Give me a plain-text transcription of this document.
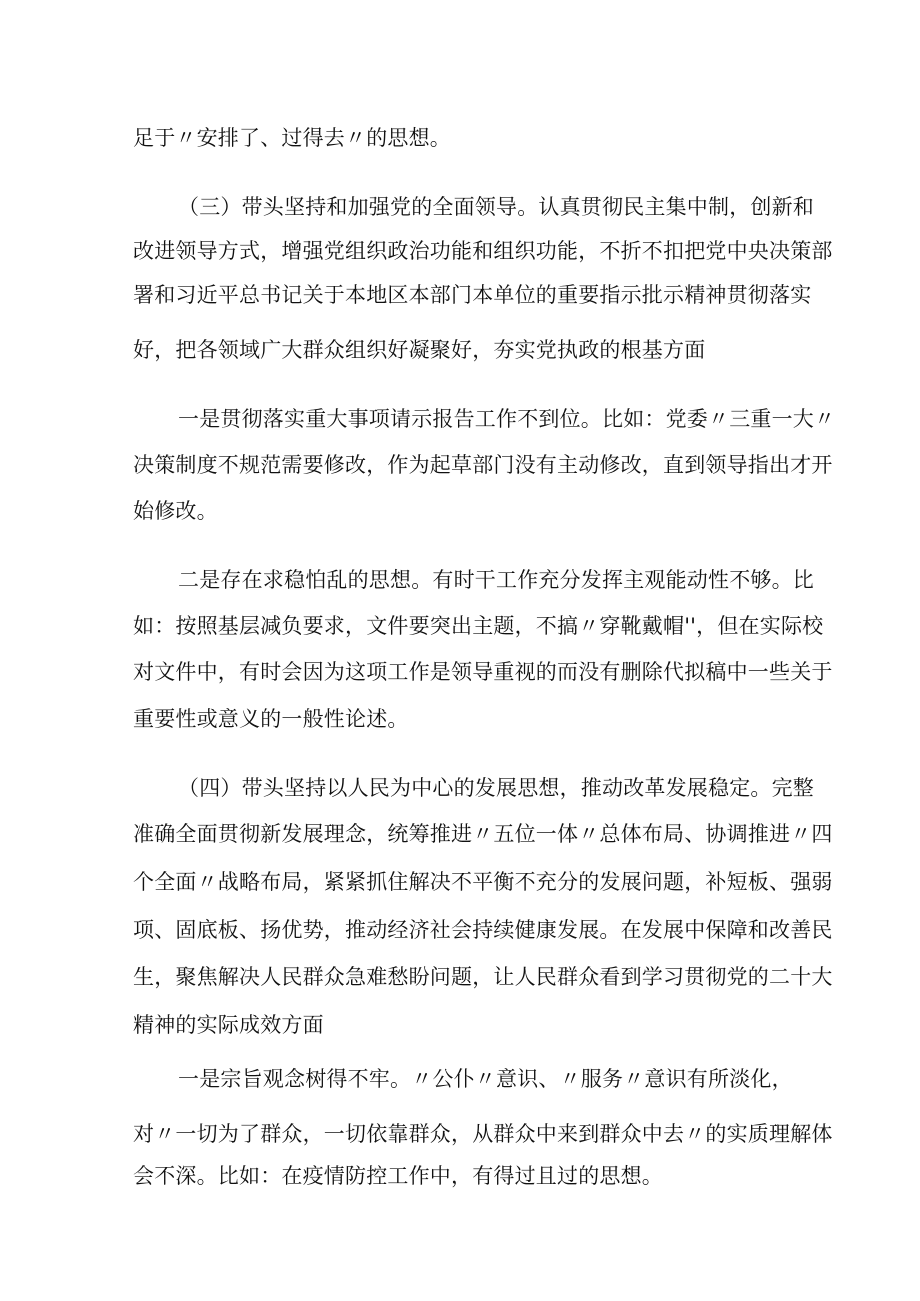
足于〃安排了、过得去〃的思想。
（三）带头坚持和加强党的全面领导。认真贯彻民主集中制，创新和
改进领导方式，增强党组织政治功能和组织功能，不折不扣把党中央决策部
署和习近平总书记关于本地区本部门本单位的重要指示批示精神贯彻落实
好，把各领域广大群众组织好凝聚好，夯实党执政的根基方面
一是贯彻落实重大事项请示报告工作不到位。比如：党委〃三重一大〃
决策制度不规范需要修改，作为起草部门没有主动修改，直到领导指出才开
始修改。
二是存在求稳怕乱的思想。有时干工作充分发挥主观能动性不够。比
如：按照基层减负要求，文件要突出主题，不搞〃穿靴戴帽''，但在实际校
对文件中，有时会因为这项工作是领导重视的而没有删除代拟稿中一些关于
重要性或意义的一般性论述。
（四）带头坚持以人民为中心的发展思想，推动改革发展稳定。完整
准确全面贯彻新发展理念，统筹推进〃五位一体〃总体布局、协调推进〃四
个全面〃战略布局，紧紧抓住解决不平衡不充分的发展问题，补短板、强弱
项、固底板、扬优势，推动经济社会持续健康发展。在发展中保障和改善民
生，聚焦解决人民群众急难愁盼问题，让人民群众看到学习贯彻党的二十大
精神的实际成效方面
一是宗旨观念树得不牢。〃公仆〃意识、〃服务〃意识有所淡化，
对〃一切为了群众，一切依靠群众，从群众中来到群众中去〃的实质理解体
会不深。比如：在疫情防控工作中，有得过且过的思想。
